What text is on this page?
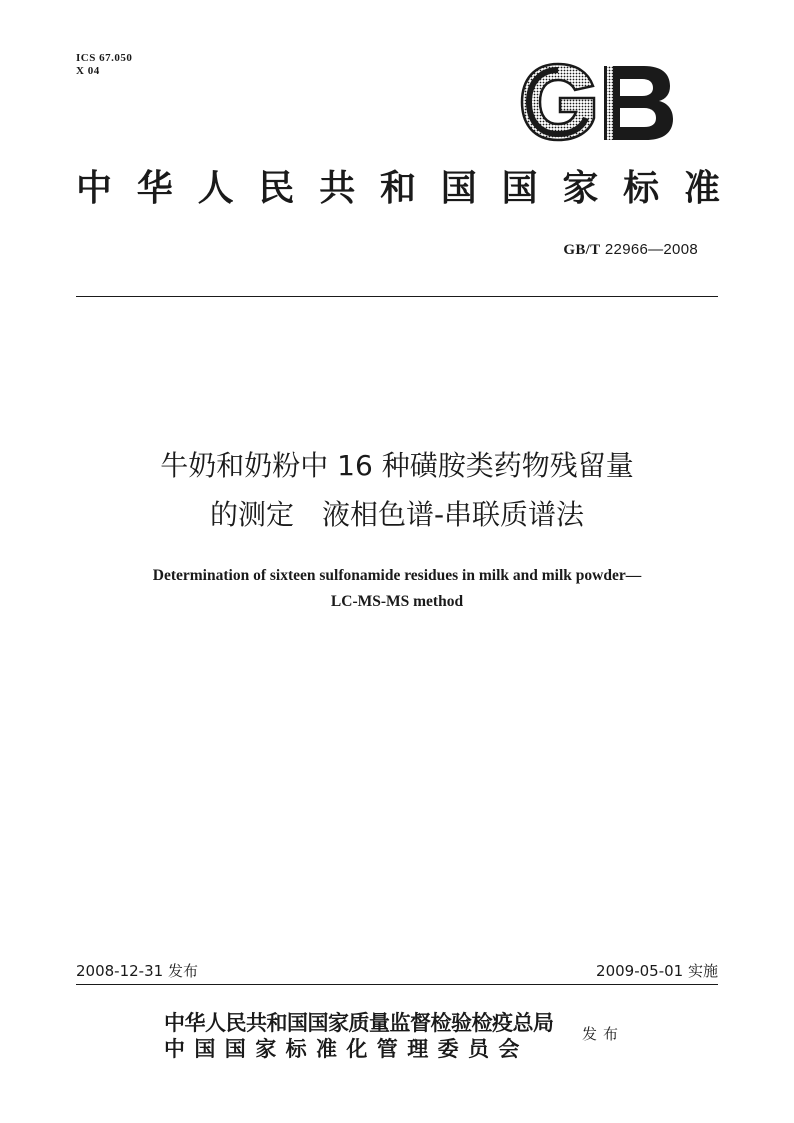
ICS 67.050
X 04
中 华 人 民 共 和 国 国 家 标 准
GB/T 22966—2008
牛奶和奶粉中 16 种磺胺类药物残留量
的测定　液相色谱-串联质谱法
Determination of sixteen sulfonamide residues in milk and milk powder—
LC-MS-MS method
2008-12-31 发布	2009-05-01 实施
中华人民共和国国家质量监督检验检疫总局
中国国家标准化管理委员会
发布
